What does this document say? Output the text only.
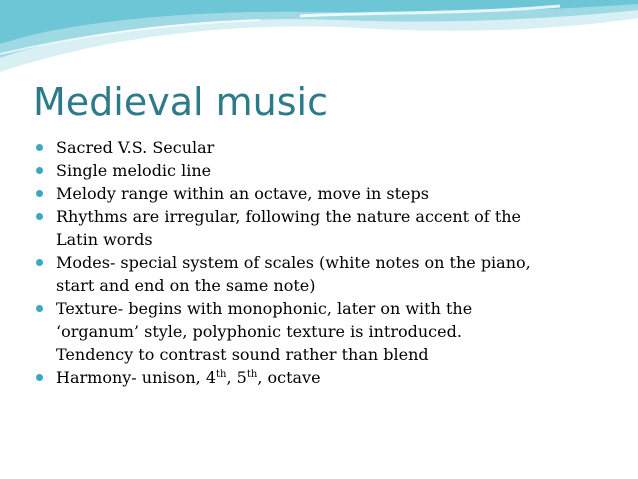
Medieval music
Sacred V.S. Secular
Single melodic line
Melody range within an octave, move in steps
Rhythms are irregular, following the nature accent of the
Latin words
Modes- special system of scales (white notes on the piano,
start and end on the same note)
Texture- begins with monophonic, later on with the
‘organum’ style, polyphonic texture is introduced.
Tendency to contrast sound rather than blend
Harmony- unison, 4th, 5th, octave
